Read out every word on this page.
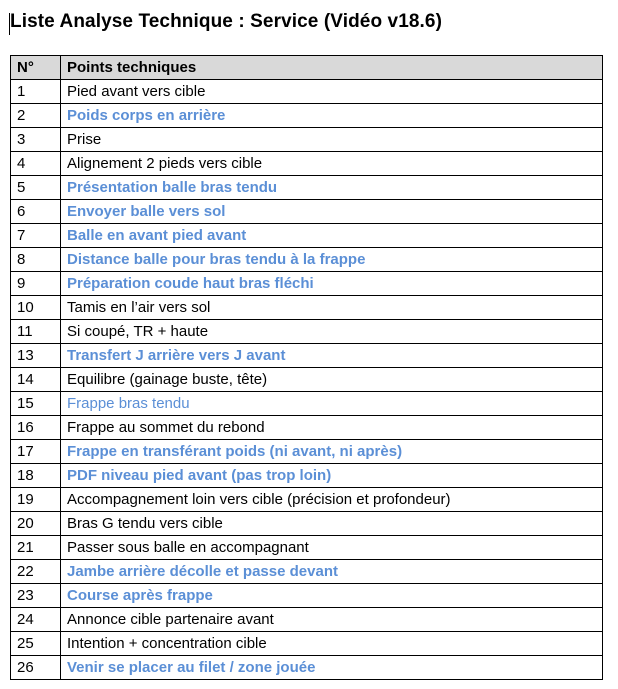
Liste Analyse Technique : Service (Vidéo v18.6)
N°	Points techniques
1	Pied avant vers cible
2	Poids corps en arrière
3	Prise
4	Alignement 2 pieds vers cible
5	Présentation balle bras tendu
6	Envoyer balle vers sol
7	Balle en avant pied avant
8	Distance balle pour bras tendu à la frappe
9	Préparation coude haut bras fléchi
10	Tamis en l’air vers sol
11	Si coupé, TR + haute
13	Transfert J arrière vers J avant
14	Equilibre (gainage buste, tête)
15	Frappe bras tendu
16	Frappe au sommet du rebond
17	Frappe en transférant poids (ni avant, ni après)
18	PDF niveau pied avant (pas trop loin)
19	Accompagnement loin vers cible (précision et profondeur)
20	Bras G tendu vers cible
21	Passer sous balle en accompagnant
22	Jambe arrière décolle et passe devant
23	Course après frappe
24	Annonce cible partenaire avant
25	Intention + concentration cible
26	Venir se placer au filet / zone jouée
